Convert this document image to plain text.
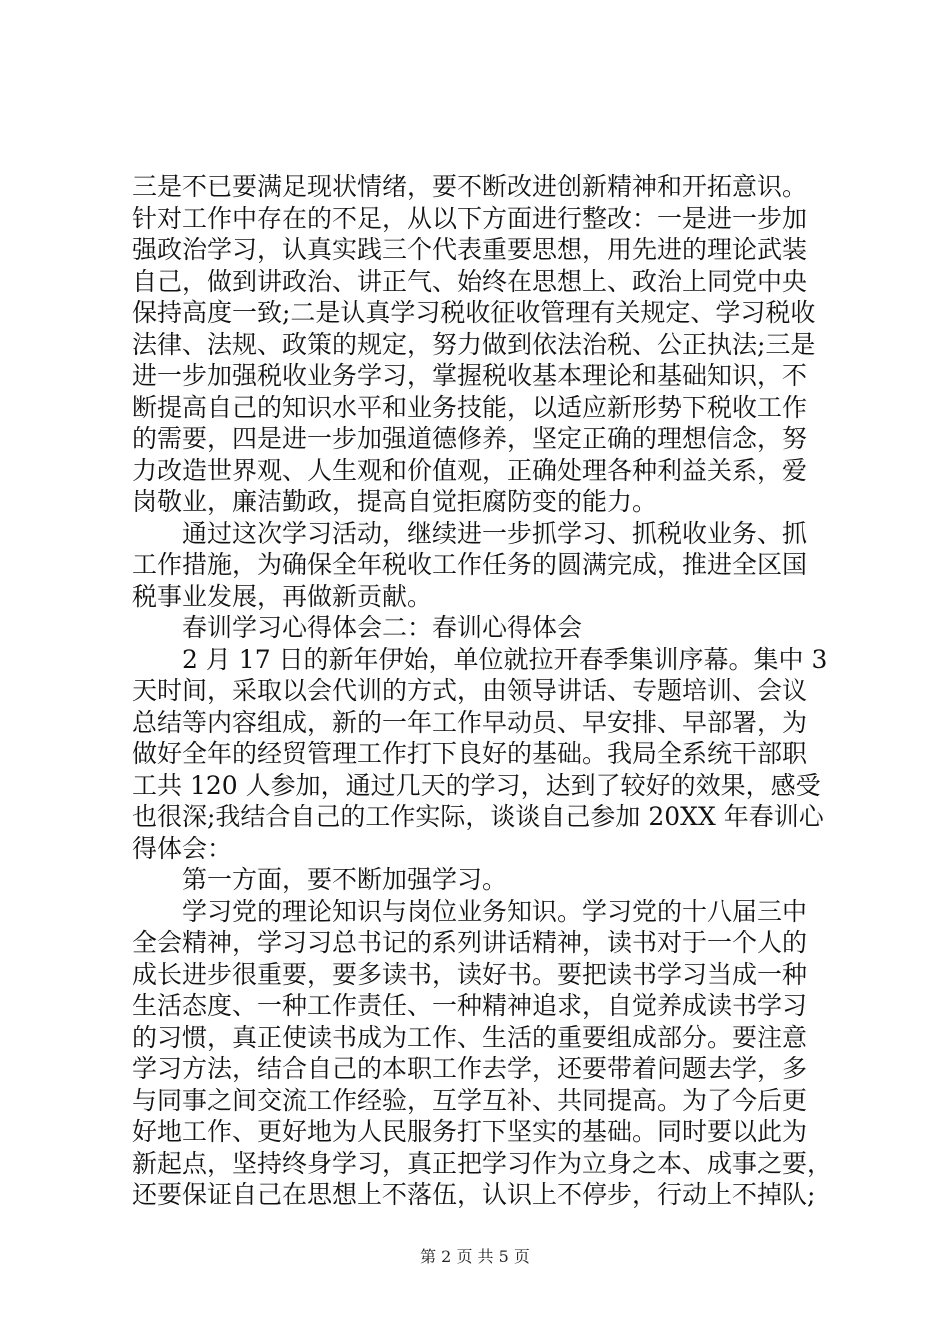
三是不已要满足现状情绪，要不断改进创新精神和开拓意识。
针对工作中存在的不足，从以下方面进行整改：一是进一步加
强政治学习，认真实践三个代表重要思想，用先进的理论武装
自己，做到讲政治、讲正气、始终在思想上、政治上同党中央
保持高度一致;二是认真学习税收征收管理有关规定、学习税收
法律、法规、政策的规定，努力做到依法治税、公正执法;三是
进一步加强税收业务学习，掌握税收基本理论和基础知识，不
断提高自己的知识水平和业务技能，以适应新形势下税收工作
的需要，四是进一步加强道德修养，坚定正确的理想信念，努
力改造世界观、人生观和价值观，正确处理各种利益关系，爱
岗敬业，廉洁勤政，提高自觉拒腐防变的能力。
　　通过这次学习活动，继续进一步抓学习、抓税收业务、抓
工作措施，为确保全年税收工作任务的圆满完成，推进全区国
税事业发展，再做新贡献。
　　春训学习心得体会二：春训心得体会
　　2 月 17 日的新年伊始，单位就拉开春季集训序幕。集中 3
天时间，采取以会代训的方式，由领导讲话、专题培训、会议
总结等内容组成，新的一年工作早动员、早安排、早部署，为
做好全年的经贸管理工作打下良好的基础。我局全系统干部职
工共 120 人参加，通过几天的学习，达到了较好的效果，感受
也很深;我结合自己的工作实际，谈谈自己参加 20XX 年春训心
得体会：
　　第一方面，要不断加强学习。
　　学习党的理论知识与岗位业务知识。学习党的十八届三中
全会精神，学习习总书记的系列讲话精神，读书对于一个人的
成长进步很重要，要多读书，读好书。要把读书学习当成一种
生活态度、一种工作责任、一种精神追求，自觉养成读书学习
的习惯，真正使读书成为工作、生活的重要组成部分。要注意
学习方法，结合自己的本职工作去学，还要带着问题去学，多
与同事之间交流工作经验，互学互补、共同提高。为了今后更
好地工作、更好地为人民服务打下坚实的基础。同时要以此为
新起点，坚持终身学习，真正把学习作为立身之本、成事之要，
还要保证自己在思想上不落伍，认识上不停步，行动上不掉队;
第 2 页 共 5 页
